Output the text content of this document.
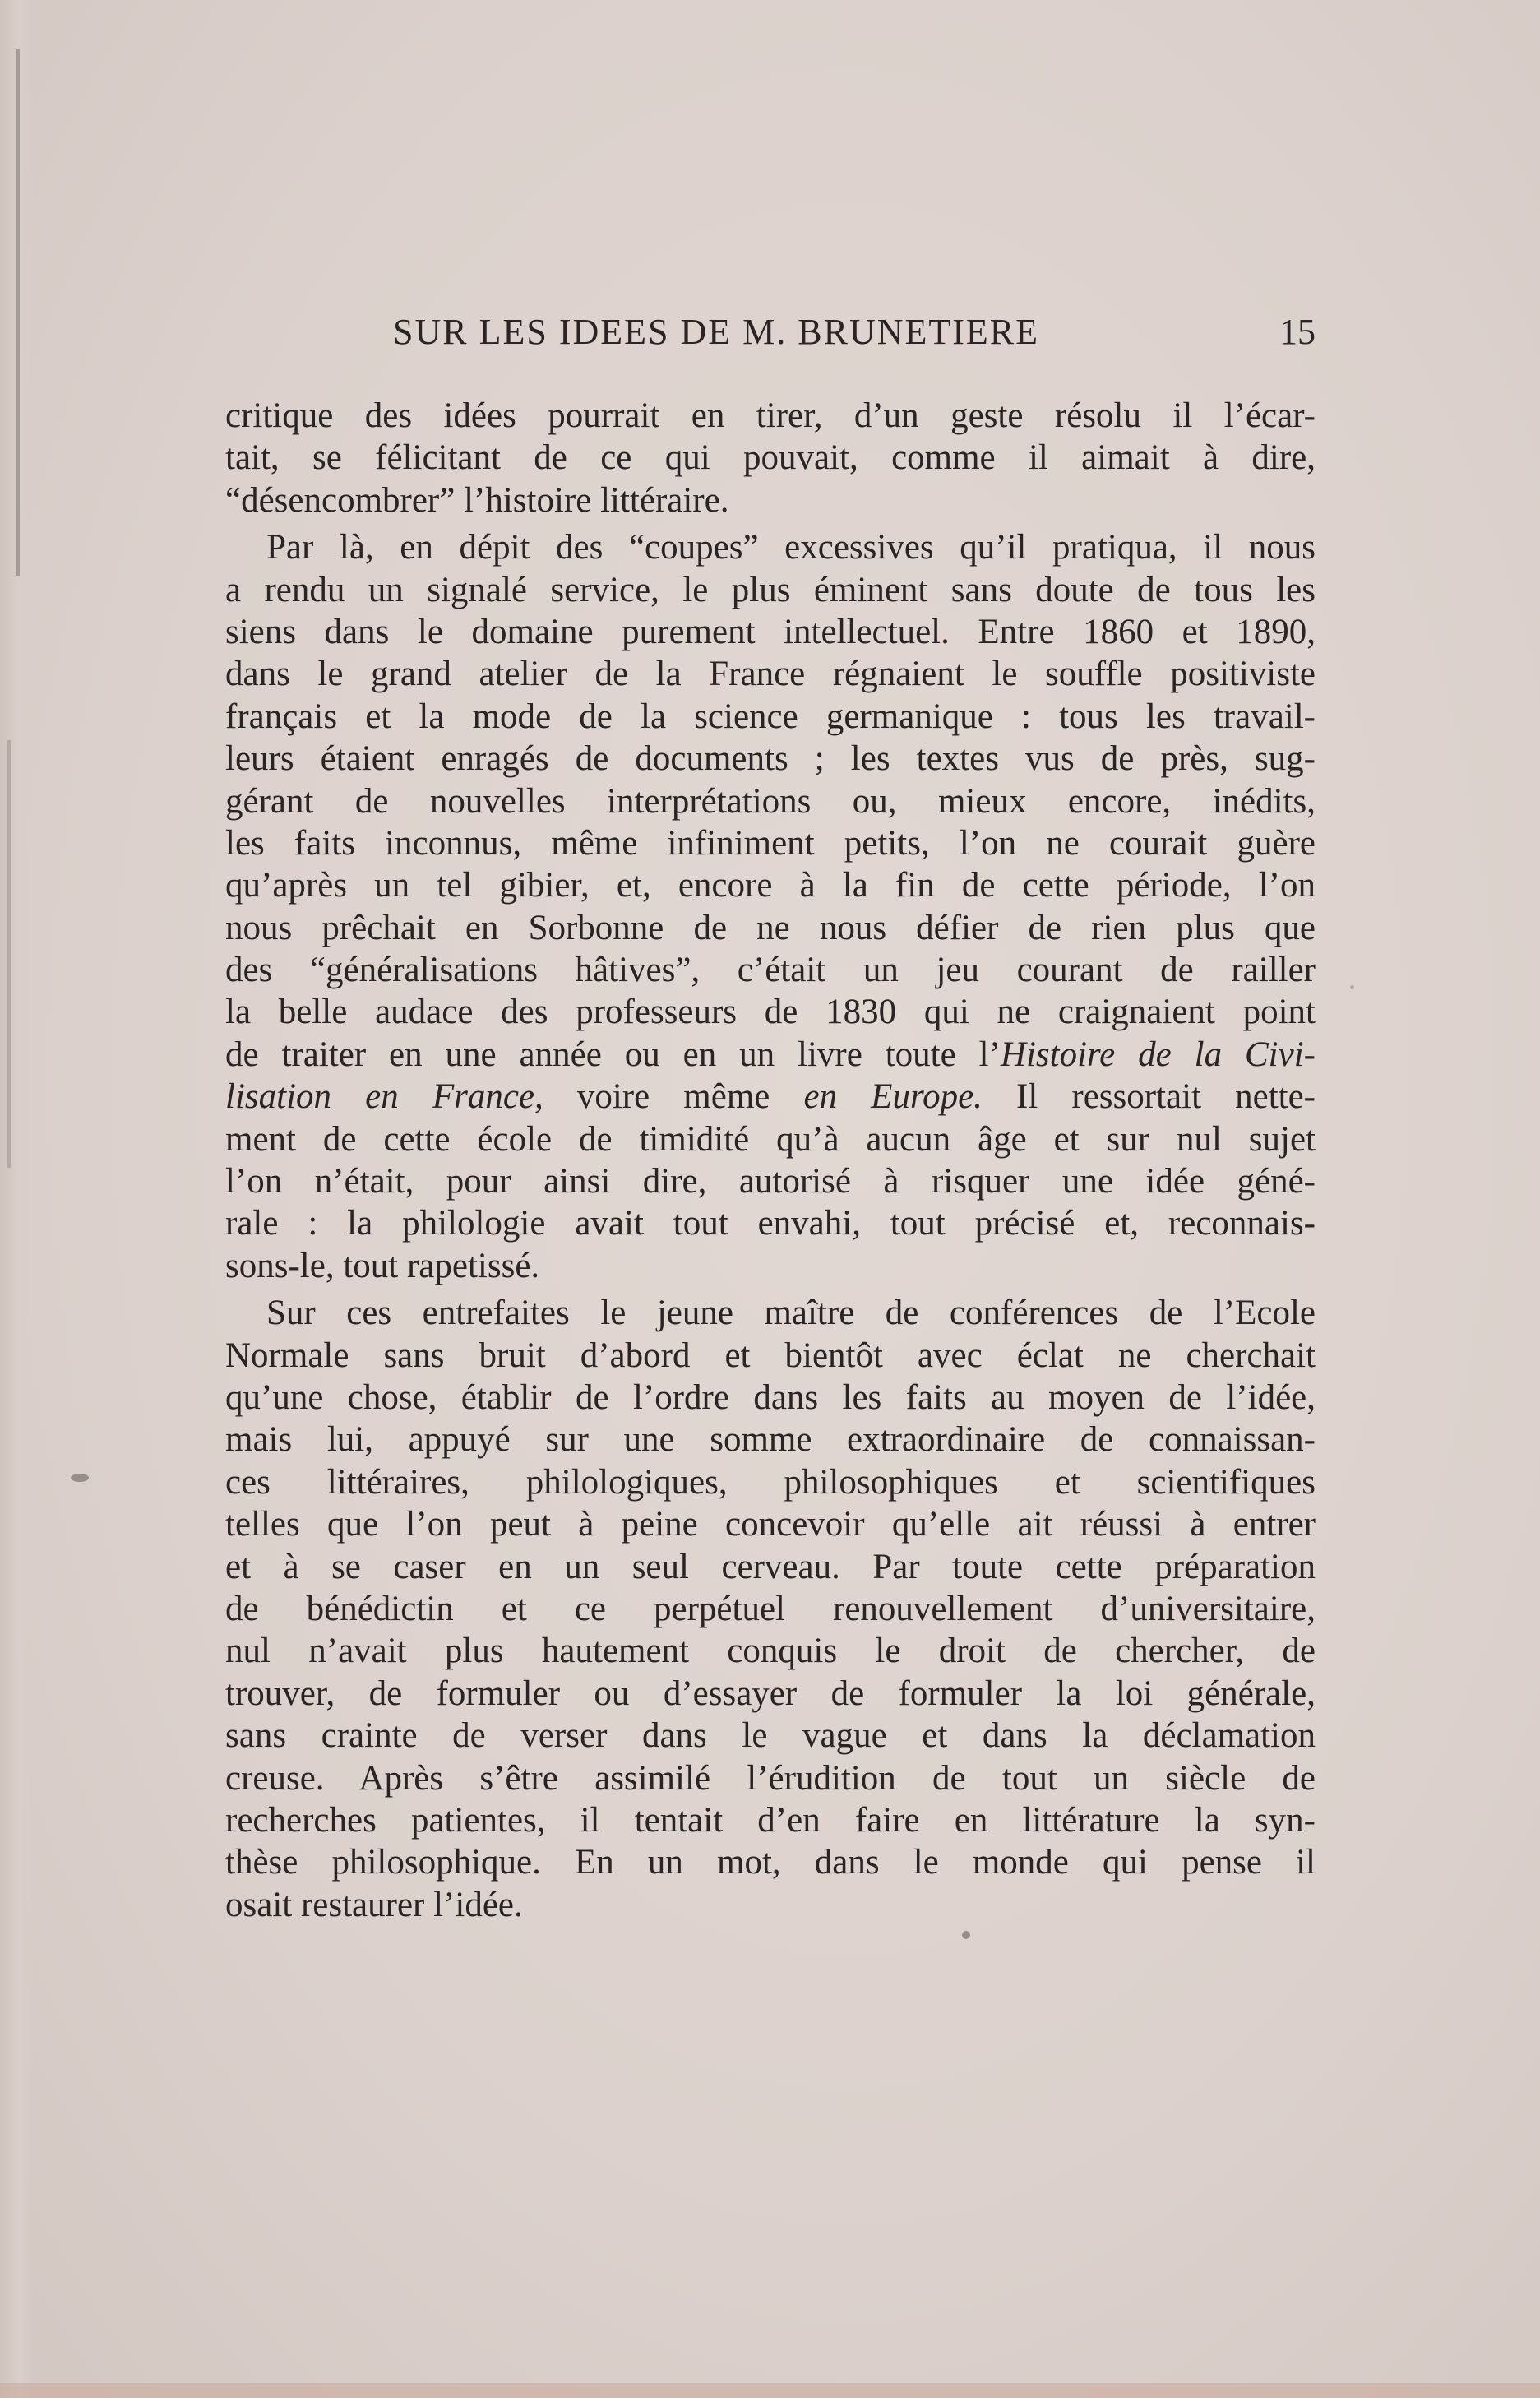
SUR LES IDEES DE M. BRUNETIERE	15
critique des idées pourrait en tirer, d’un geste résolu il l’écar-
tait, se félicitant de ce qui pouvait, comme il aimait à dire,
“désencombrer” l’histoire littéraire.
Par là, en dépit des “coupes” excessives qu’il pratiqua, il nous
a rendu un signalé service, le plus éminent sans doute de tous les
siens dans le domaine purement intellectuel. Entre 1860 et 1890,
dans le grand atelier de la France régnaient le souffle positiviste
français et la mode de la science germanique : tous les travail-
leurs étaient enragés de documents ; les textes vus de près, sug-
gérant de nouvelles interprétations ou, mieux encore, inédits,
les faits inconnus, même infiniment petits, l’on ne courait guère
qu’après un tel gibier, et, encore à la fin de cette période, l’on
nous prêchait en Sorbonne de ne nous défier de rien plus que
des “généralisations hâtives”, c’était un jeu courant de railler
la belle audace des professeurs de 1830 qui ne craignaient point
de traiter en une année ou en un livre toute l’Histoire de la Civi-
lisation en France, voire même en Europe. Il ressortait nette-
ment de cette école de timidité qu’à aucun âge et sur nul sujet
l’on n’était, pour ainsi dire, autorisé à risquer une idée géné-
rale : la philologie avait tout envahi, tout précisé et, reconnais-
sons-le, tout rapetissé.
Sur ces entrefaites le jeune maître de conférences de l’Ecole
Normale sans bruit d’abord et bientôt avec éclat ne cherchait
qu’une chose, établir de l’ordre dans les faits au moyen de l’idée,
mais lui, appuyé sur une somme extraordinaire de connaissan-
ces littéraires, philologiques, philosophiques et scientifiques
telles que l’on peut à peine concevoir qu’elle ait réussi à entrer
et à se caser en un seul cerveau. Par toute cette préparation
de bénédictin et ce perpétuel renouvellement d’universitaire,
nul n’avait plus hautement conquis le droit de chercher, de
trouver, de formuler ou d’essayer de formuler la loi générale,
sans crainte de verser dans le vague et dans la déclamation
creuse. Après s’être assimilé l’érudition de tout un siècle de
recherches patientes, il tentait d’en faire en littérature la syn-
thèse philosophique. En un mot, dans le monde qui pense il
osait restaurer l’idée.
